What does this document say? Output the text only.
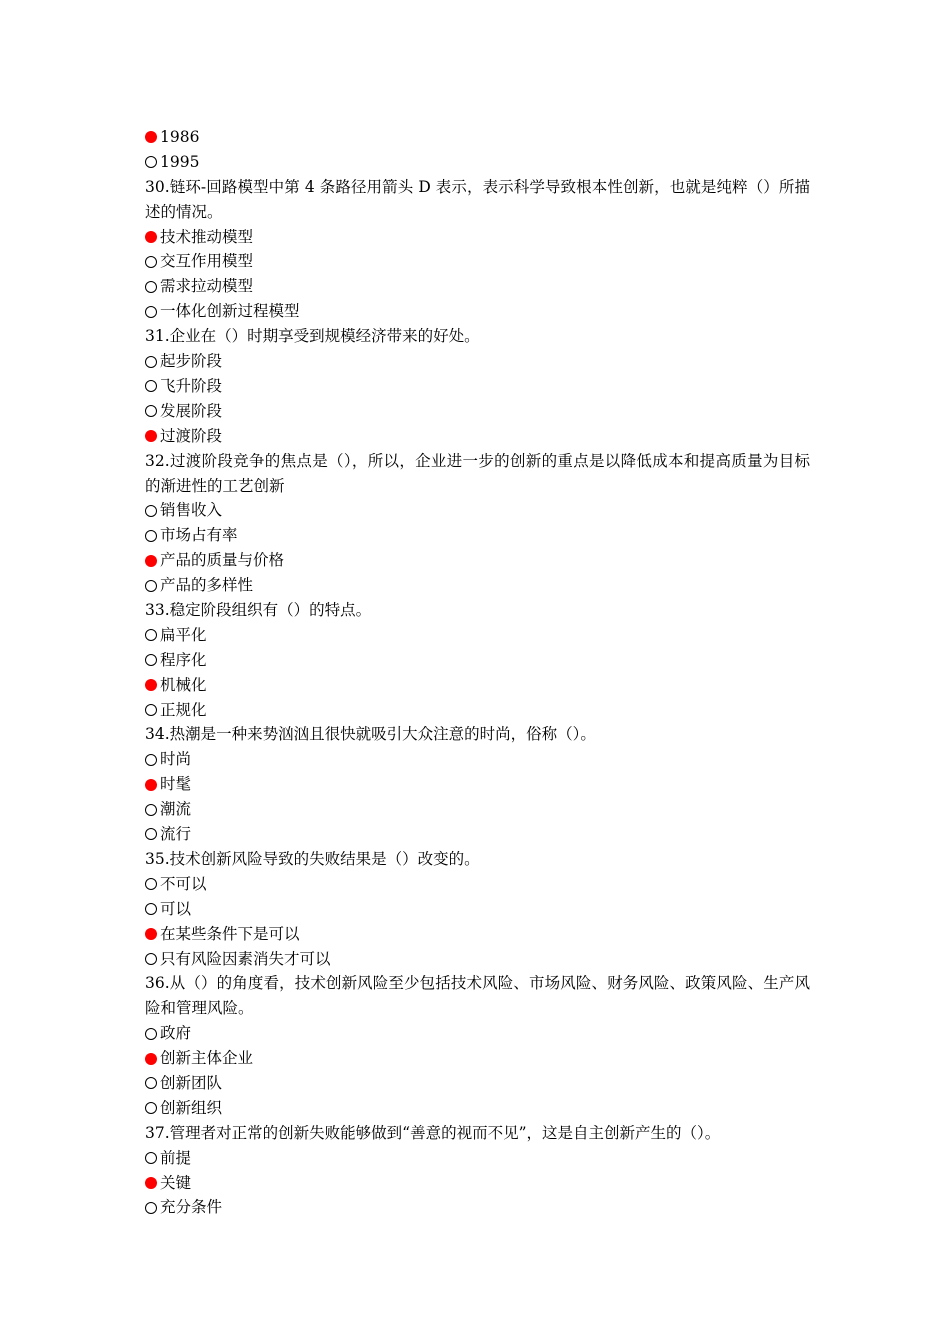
1986
1995
30.链环-回路模型中第 4 条路径用箭头 D 表示，表示科学导致根本性创新，也就是纯粹（）所描述的情况。
技术推动模型
交互作用模型
需求拉动模型
一体化创新过程模型
31.企业在（）时期享受到规模经济带来的好处。
起步阶段
飞升阶段
发展阶段
过渡阶段
32.过渡阶段竞争的焦点是（），所以，企业进一步的创新的重点是以降低成本和提高质量为目标的渐进性的工艺创新
销售收入
市场占有率
产品的质量与价格
产品的多样性
33.稳定阶段组织有（）的特点。
扁平化
程序化
机械化
正规化
34.热潮是一种来势汹汹且很快就吸引大众注意的时尚，俗称（）。
时尚
时髦
潮流
流行
35.技术创新风险导致的失败结果是（）改变的。
不可以
可以
在某些条件下是可以
只有风险因素消失才可以
36.从（）的角度看，技术创新风险至少包括技术风险、市场风险、财务风险、政策风险、生产风险和管理风险。
政府
创新主体企业
创新团队
创新组织
37.管理者对正常的创新失败能够做到“善意的视而不见”，这是自主创新产生的（）。
前提
关键
充分条件
